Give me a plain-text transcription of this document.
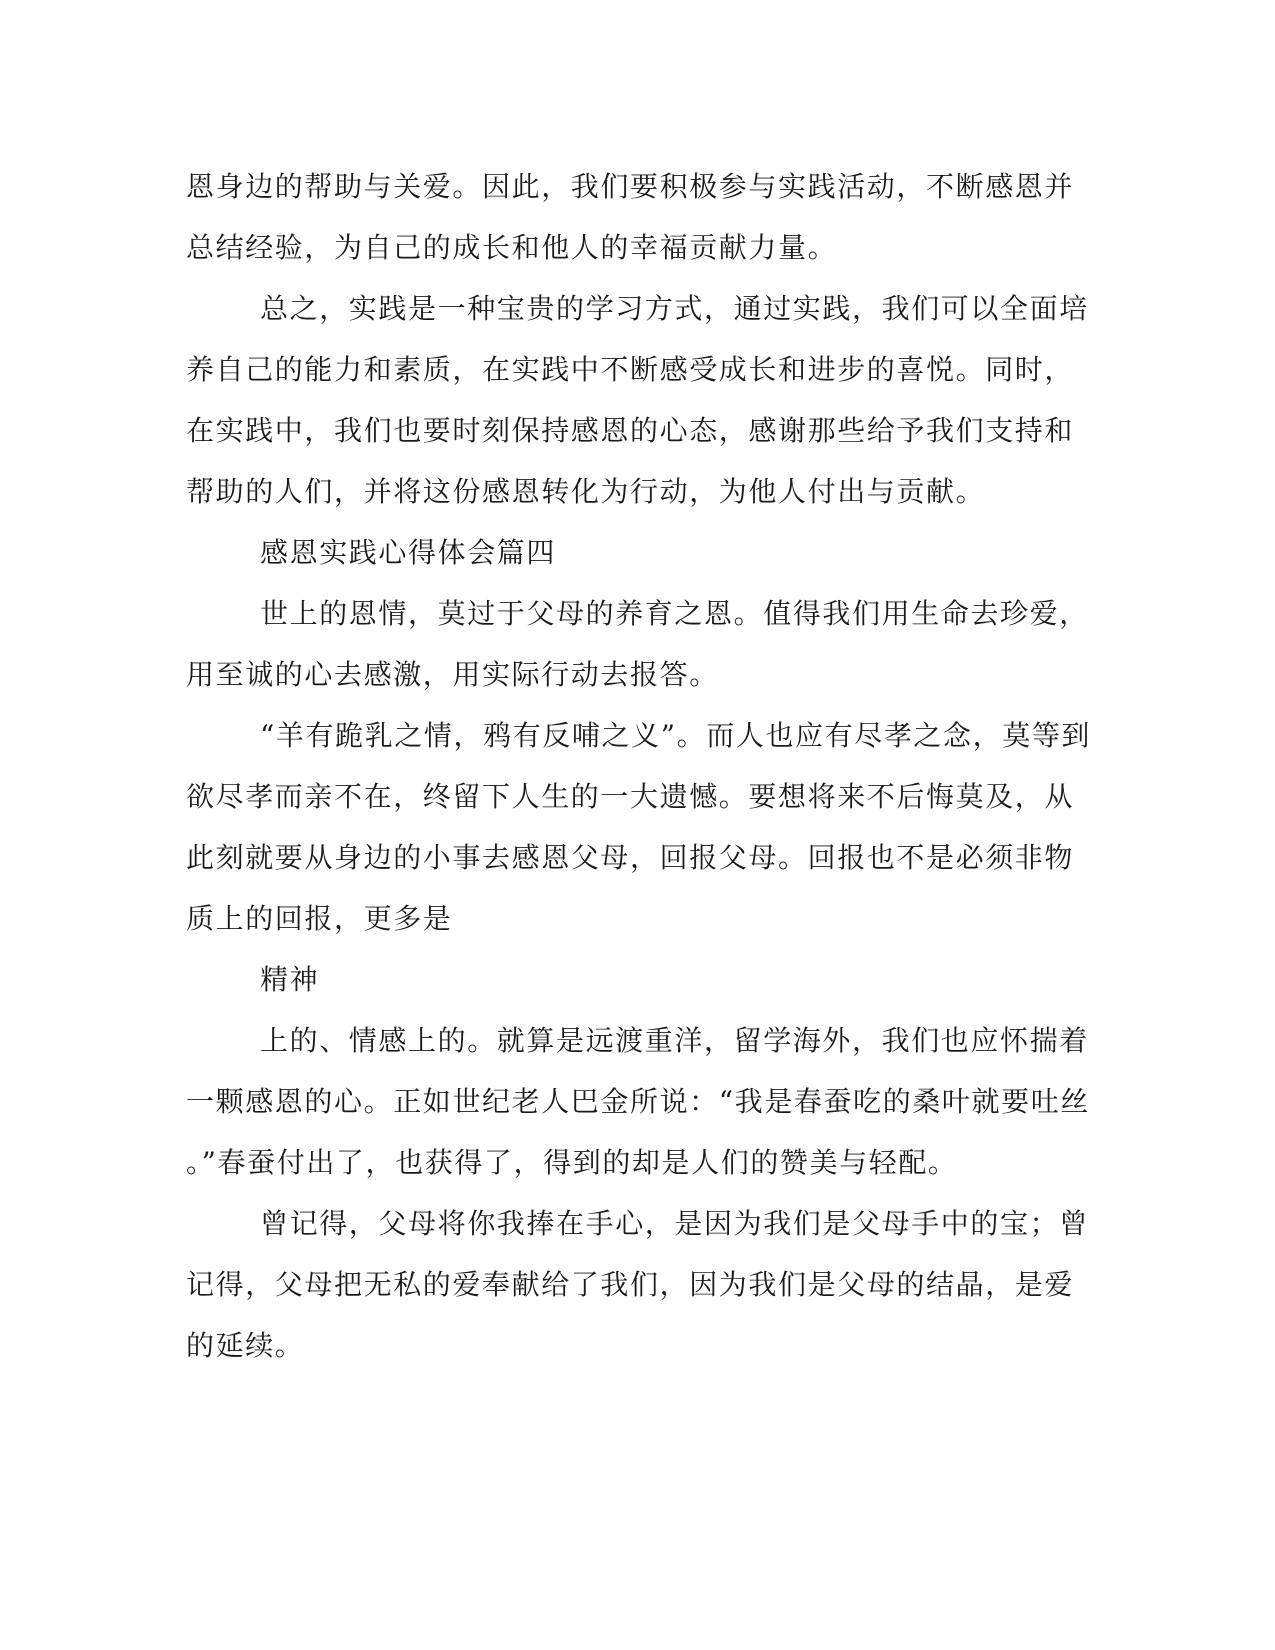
恩身边的帮助与关爱。因此，我们要积极参与实践活动，不断感恩并
总结经验，为自己的成长和他人的幸福贡献力量。
总之，实践是一种宝贵的学习方式，通过实践，我们可以全面培
养自己的能力和素质，在实践中不断感受成长和进步的喜悦。同时，
在实践中，我们也要时刻保持感恩的心态，感谢那些给予我们支持和
帮助的人们，并将这份感恩转化为行动，为他人付出与贡献。
感恩实践心得体会篇四
世上的恩情，莫过于父母的养育之恩。值得我们用生命去珍爱，
用至诚的心去感激，用实际行动去报答。
“羊有跪乳之情，鸦有反哺之义”。而人也应有尽孝之念，莫等到
欲尽孝而亲不在，终留下人生的一大遗憾。要想将来不后悔莫及，从
此刻就要从身边的小事去感恩父母，回报父母。回报也不是必须非物
质上的回报，更多是
精神
上的、情感上的。就算是远渡重洋，留学海外，我们也应怀揣着
一颗感恩的心。正如世纪老人巴金所说：“我是春蚕吃的桑叶就要吐丝
。”春蚕付出了，也获得了，得到的却是人们的赞美与轻配。
曾记得，父母将你我捧在手心，是因为我们是父母手中的宝；曾
记得，父母把无私的爱奉献给了我们，因为我们是父母的结晶，是爱
的延续。
